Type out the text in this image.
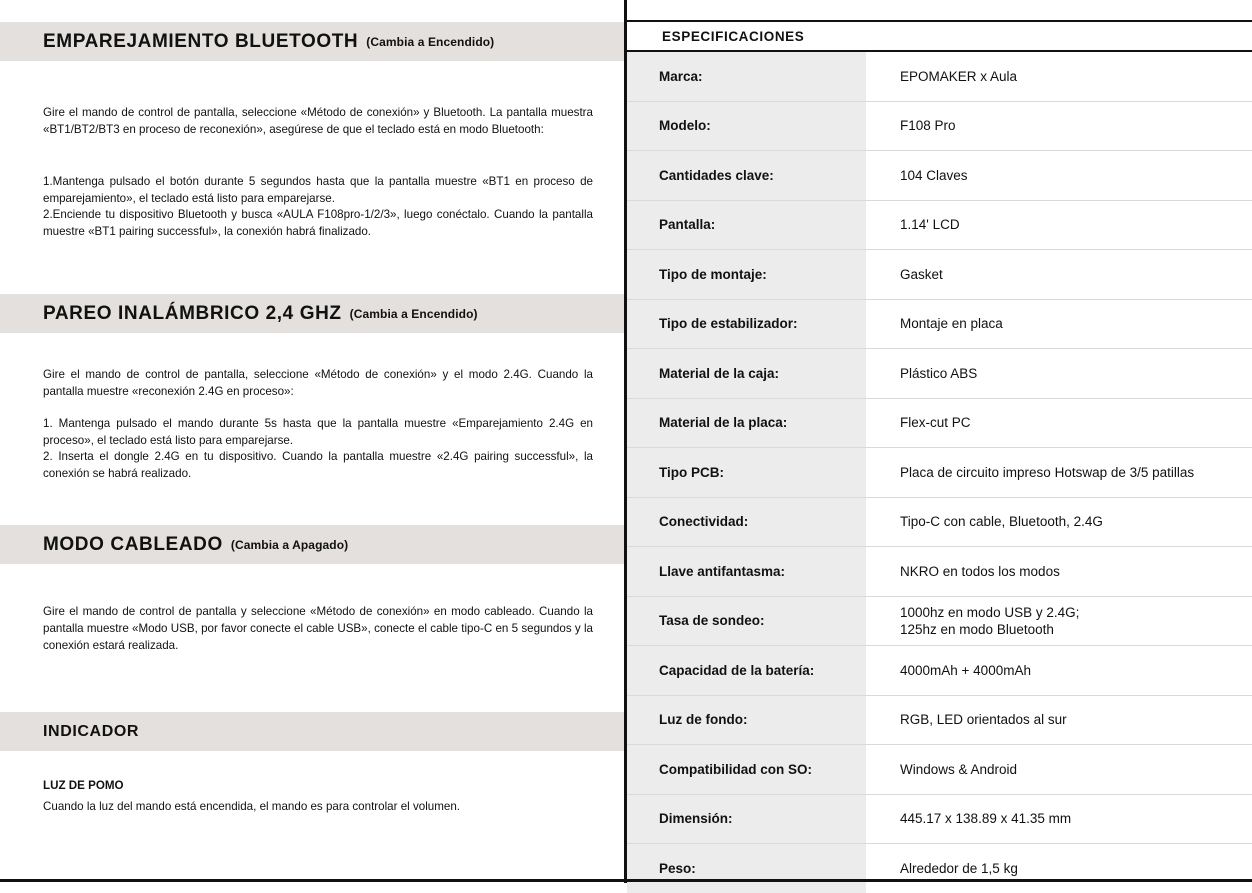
EMPAREJAMIENTO BLUETOOTH (Cambia a Encendido)
Gire el mando de control de pantalla, seleccione «Método de conexión» y Bluetooth. La pantalla muestra «BT1/BT2/BT3 en proceso de reconexión», asegúrese de que el teclado está en modo Bluetooth:
1.Mantenga pulsado el botón durante 5 segundos hasta que la pantalla muestre «BT1 en proceso de emparejamiento», el teclado está listo para emparejarse.
2.Enciende tu dispositivo Bluetooth y busca «AULA F108pro-1/2/3», luego conéctalo. Cuando la pantalla muestre «BT1 pairing successful», la conexión habrá finalizado.
PAREO INALÁMBRICO 2,4 GHZ (Cambia a Encendido)
Gire el mando de control de pantalla, seleccione «Método de conexión» y el modo 2.4G. Cuando la pantalla muestre «reconexión 2.4G en proceso»:
1. Mantenga pulsado el mando durante 5s hasta que la pantalla muestre «Emparejamiento 2.4G en proceso», el teclado está listo para emparejarse.
2. Inserta el dongle 2.4G en tu dispositivo. Cuando la pantalla muestre «2.4G pairing successful», la conexión se habrá realizado.
MODO CABLEADO (Cambia a Apagado)
Gire el mando de control de pantalla y seleccione «Método de conexión» en modo cableado. Cuando la pantalla muestre «Modo USB, por favor conecte el cable USB», conecte el cable tipo-C en 5 segundos y la conexión estará realizada.
INDICADOR
LUZ DE POMO
Cuando la luz del mando está encendida, el mando es para controlar el volumen.
ESPECIFICACIONES
Marca:	EPOMAKER x Aula
Modelo:	F108 Pro
Cantidades clave:	104 Claves
Pantalla:	1.14' LCD
Tipo de montaje:	Gasket
Tipo de estabilizador:	Montaje en placa
Material de la caja:	Plástico ABS
Material de la placa:	Flex-cut PC
Tipo PCB:	Placa de circuito impreso Hotswap de 3/5 patillas
Conectividad:	Tipo-C con cable, Bluetooth, 2.4G
Llave antifantasma:	NKRO en todos los modos
Tasa de sondeo:
1000hz en modo USB y 2.4G;
125hz en modo Bluetooth
Capacidad de la batería:	4000mAh + 4000mAh
Luz de fondo:	RGB, LED orientados al sur
Compatibilidad con SO:	Windows & Android
Dimensión:	445.17 x 138.89 x 41.35 mm
Peso:	Alrededor de 1,5 kg
